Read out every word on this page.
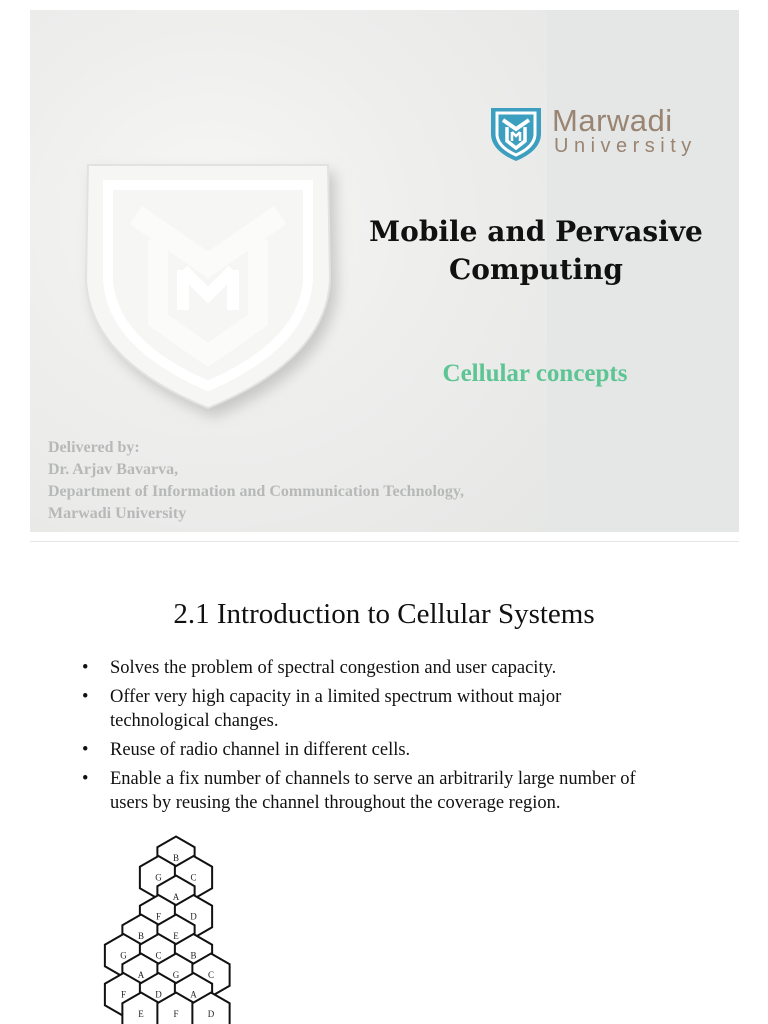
Marwadi
University
Mobile and Pervasive
Computing
Cellular concepts
Delivered by:
Dr. Arjav Bavarva,
Department of Information and Communication Technology,
Marwadi University
2.1 Introduction to Cellular Systems
• Solves the problem of spectral congestion and user capacity.
• Offer very high capacity in a limited spectrum without major
technological changes.
• Reuse of radio channel in different cells.
• Enable a fix number of channels to serve an arbitrarily large number of
users by reusing the channel throughout the coverage region.
B
G	C
A
F	D
B	E
G	C	B
A	G	C
F	D	A
E	F	D
